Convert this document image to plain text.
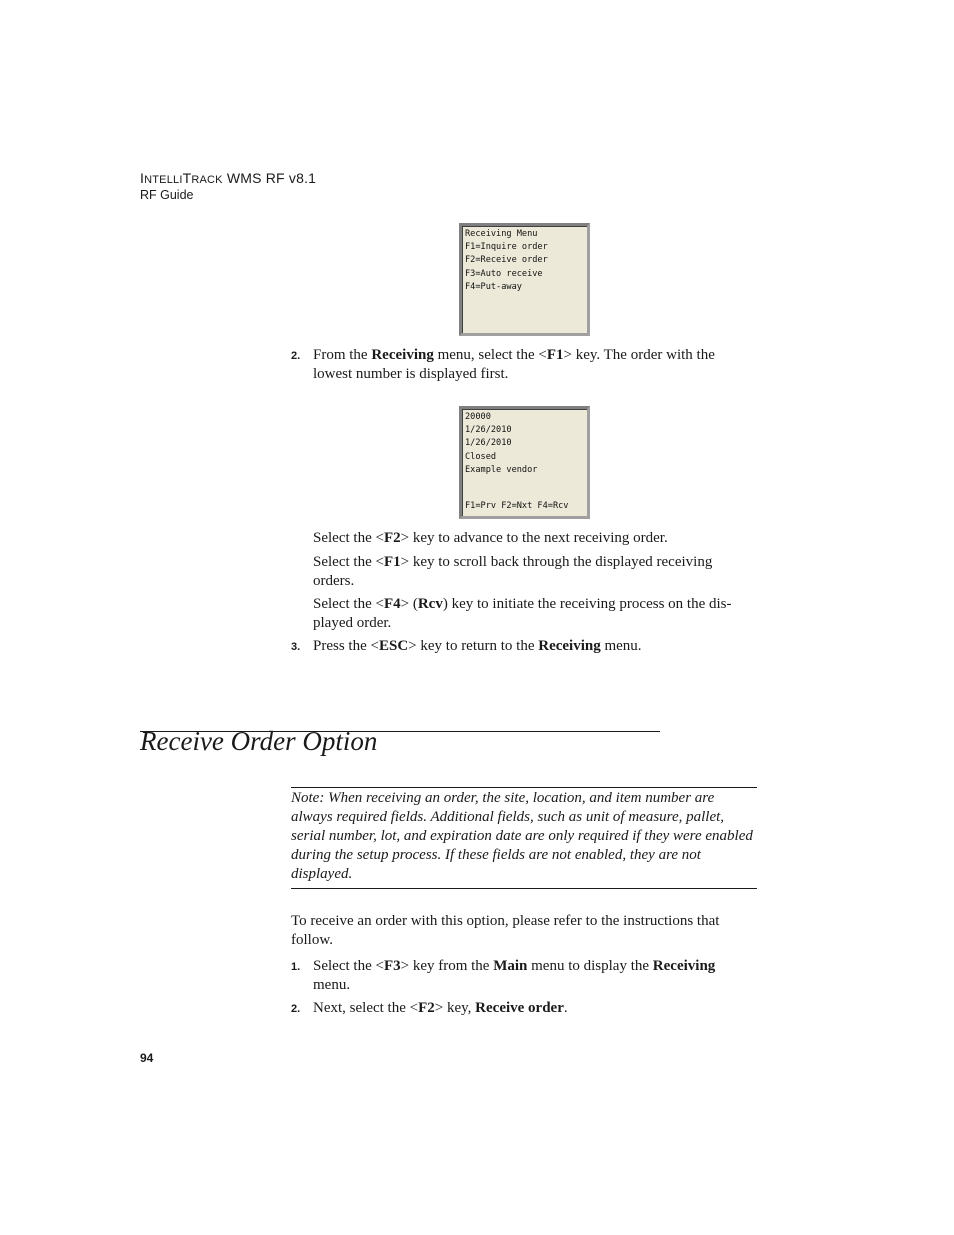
INTELLITRACK WMS RF v8.1
RF Guide
Receiving Menu
F1=Inquire order
F2=Receive order
F3=Auto receive
F4=Put-away
2. From the Receiving menu, select the <F1> key. The order with the lowest number is displayed first.
20000
1/26/2010
1/26/2010
Closed
Example vendor
F1=Prv F2=Nxt F4=Rcv
Select the <F2> key to advance to the next receiving order.
Select the <F1> key to scroll back through the displayed receiving orders.
Select the <F4> (Rcv) key to initiate the receiving process on the dis-played order.
3. Press the <ESC> key to return to the Receiving menu.
Receive Order Option
Note: When receiving an order, the site, location, and item number are always required fields. Additional fields, such as unit of measure, pallet, serial number, lot, and expiration date are only required if they were enabled during the setup process. If these fields are not enabled, they are not displayed.
To receive an order with this option, please refer to the instructions that follow.
1. Select the <F3> key from the Main menu to display the Receiving menu.
2. Next, select the <F2> key, Receive order.
94
